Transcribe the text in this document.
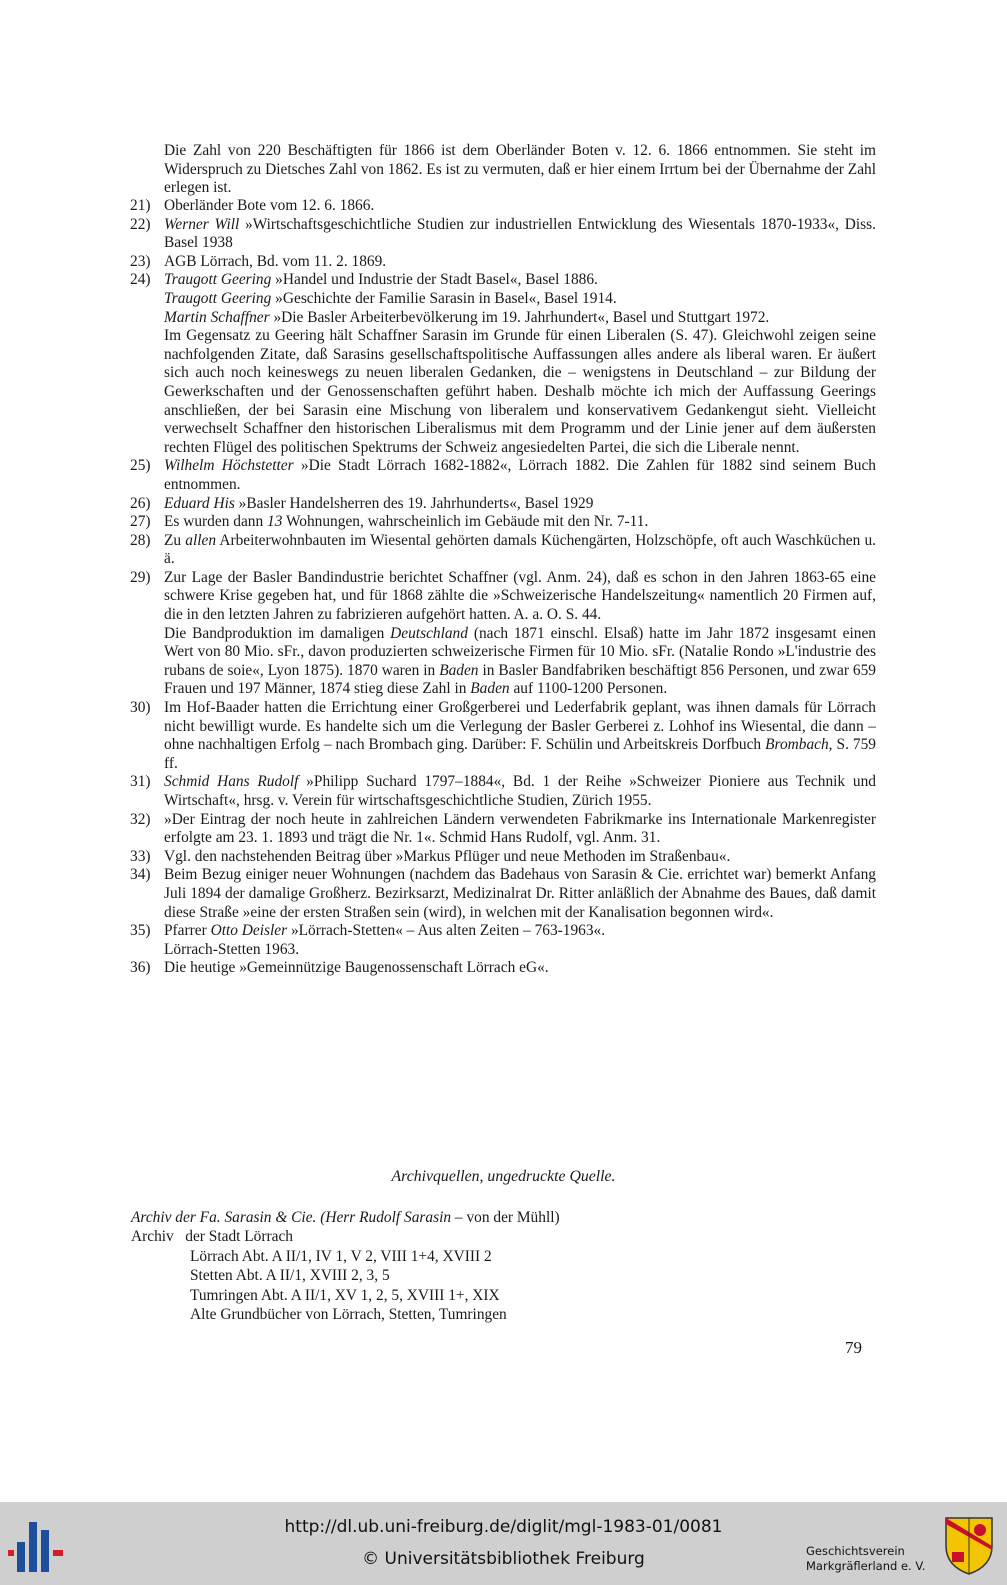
Die Zahl von 220 Beschäftigten für 1866 ist dem Oberländer Boten v. 12. 6. 1866 entnommen. Sie steht im Widerspruch zu Dietsches Zahl von 1862. Es ist zu vermuten, daß er hier einem Irrtum bei der Übernahme der Zahl erlegen ist.
21) Oberländer Bote vom 12. 6. 1866.

22) Werner Will »Wirtschaftsgeschichtliche Studien zur industriellen Entwicklung des Wiesentals 1870-1933«, Diss. Basel 1938

23) AGB Lörrach, Bd. vom 11. 2. 1869.

24) Traugott Geering »Handel und Industrie der Stadt Basel«, Basel 1886.

Traugott Geering »Geschichte der Familie Sarasin in Basel«, Basel 1914.

Martin Schaffner »Die Basler Arbeiterbevölkerung im 19. Jahrhundert«, Basel und Stuttgart 1972.

Im Gegensatz zu Geering hält Schaffner Sarasin im Grunde für einen Liberalen (S. 47). Gleichwohl zeigen seine nachfolgenden Zitate, daß Sarasins gesellschaftspolitische Auffassungen alles andere als liberal waren. Er äußert sich auch noch keineswegs zu neuen liberalen Gedanken, die – wenigstens in Deutschland – zur Bildung der Gewerkschaften und der Genossenschaften geführt haben. Deshalb möchte ich mich der Auffassung Geerings anschließen, der bei Sarasin eine Mischung von liberalem und konservativem Gedankengut sieht. Vielleicht verwechselt Schaffner den historischen Liberalismus mit dem Programm und der Linie jener auf dem äußersten rechten Flügel des politischen Spektrums der Schweiz angesiedelten Partei, die sich die Liberale nennt.

25) Wilhelm Höchstetter »Die Stadt Lörrach 1682-1882«, Lörrach 1882. Die Zahlen für 1882 sind seinem Buch entnommen.

26) Eduard His »Basler Handelsherren des 19. Jahrhunderts«, Basel 1929

27) Es wurden dann 13 Wohnungen, wahrscheinlich im Gebäude mit den Nr. 7-11.

28) Zu allen Arbeiterwohnbauten im Wiesental gehörten damals Küchengärten, Holzschöpfe, oft auch Waschküchen u. ä.

29) Zur Lage der Basler Bandindustrie berichtet Schaffner (vgl. Anm. 24), daß es schon in den Jahren 1863-65 eine schwere Krise gegeben hat, und für 1868 zählte die »Schweizerische Handelszeitung« namentlich 20 Firmen auf, die in den letzten Jahren zu fabrizieren aufgehört hatten. A. a. O. S. 44.

Die Bandproduktion im damaligen Deutschland (nach 1871 einschl. Elsaß) hatte im Jahr 1872 insgesamt einen Wert von 80 Mio. sFr., davon produzierten schweizerische Firmen für 10 Mio. sFr. (Natalie Rondo »L'industrie des rubans de soie«, Lyon 1875). 1870 waren in Baden in Basler Bandfabriken beschäftigt 856 Personen, und zwar 659 Frauen und 197 Männer, 1874 stieg diese Zahl in Baden auf 1100-1200 Personen.

30) Im Hof-Baader hatten die Errichtung einer Großgerberei und Lederfabrik geplant, was ihnen damals für Lörrach nicht bewilligt wurde. Es handelte sich um die Verlegung der Basler Gerberei z. Lohhof ins Wiesental, die dann – ohne nachhaltigen Erfolg – nach Brombach ging. Darüber: F. Schülin und Arbeitskreis Dorfbuch Brombach, S. 759 ff.

31) Schmid Hans Rudolf »Philipp Suchard 1797–1884«, Bd. 1 der Reihe »Schweizer Pioniere aus Technik und Wirtschaft«, hrsg. v. Verein für wirtschaftsgeschichtliche Studien, Zürich 1955.

32) »Der Eintrag der noch heute in zahlreichen Ländern verwendeten Fabrikmarke ins Internationale Markenregister erfolgte am 23. 1. 1893 und trägt die Nr. 1«. Schmid Hans Rudolf, vgl. Anm. 31.

33) Vgl. den nachstehenden Beitrag über »Markus Pflüger und neue Methoden im Straßenbau«.

34) Beim Bezug einiger neuer Wohnungen (nachdem das Badehaus von Sarasin & Cie. errichtet war) bemerkt Anfang Juli 1894 der damalige Großherz. Bezirksarzt, Medizinalrat Dr. Ritter anläßlich der Abnahme des Baues, daß damit diese Straße »eine der ersten Straßen sein (wird), in welchen mit der Kanalisation begonnen wird«.

35) Pfarrer Otto Deisler »Lörrach-Stetten« – Aus alten Zeiten – 763-1963«.

Lörrach-Stetten 1963.

36) Die heutige »Gemeinnützige Baugenossenschaft Lörrach eG«.

Archivquellen, ungedruckte Quelle.
Archiv der Fa. Sarasin & Cie. (Herr Rudolf Sarasin – von der Mühll)
Archiv   der Stadt Lörrach
Lörrach Abt. A II/1, IV 1, V 2, VIII 1+4, XVIII 2
Stetten Abt. A II/1, XVIII 2, 3, 5
Tumringen Abt. A II/1, XV 1, 2, 5, XVIII 1+, XIX
Alte Grundbücher von Lörrach, Stetten, Tumringen
79
http://dl.ub.uni-freiburg.de/diglit/mgl-1983-01/0081
© Universitätsbibliothek Freiburg	Geschichtsverein
Markgräflerland e. V.
